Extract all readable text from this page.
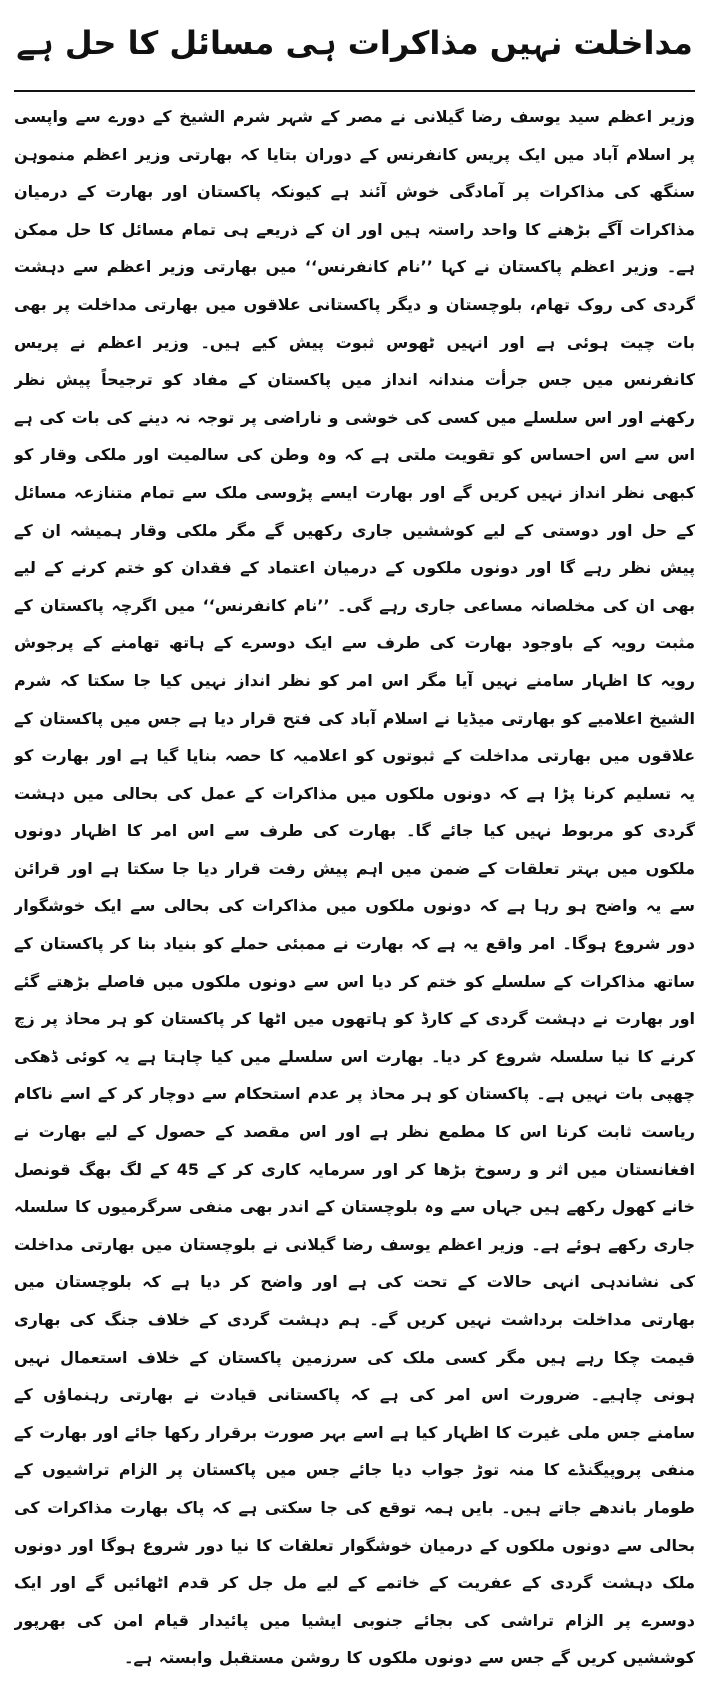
مداخلت نہیں مذاکرات ہی مسائل کا حل ہے

وزیر اعظم سید یوسف رضا گیلانی نے مصر کے شہر شرم الشیخ کے دورے سے واپسی پر اسلام آباد میں ایک پریس کانفرنس کے دوران بتایا کہ بھارتی وزیر اعظم منموہن سنگھ کی مذاکرات پر آمادگی خوش آئند ہے کیونکہ پاکستان اور بھارت کے درمیان مذاکرات آگے بڑھنے کا واحد راستہ ہیں اور ان کے ذریعے ہی تمام مسائل کا حل ممکن ہے۔ وزیر اعظم پاکستان نے کہا ’’نام کانفرنس‘‘ میں بھارتی وزیر اعظم سے دہشت گردی کی روک تھام، بلوچستان و دیگر پاکستانی علاقوں میں بھارتی مداخلت پر بھی بات چیت ہوئی ہے اور انہیں ٹھوس ثبوت پیش کیے ہیں۔ وزیر اعظم نے پریس کانفرنس میں جس جرأت مندانہ انداز میں پاکستان کے مفاد کو ترجیحاً پیش نظر رکھنے اور اس سلسلے میں کسی کی خوشی و ناراضی پر توجہ نہ دینے کی بات کی ہے اس سے اس احساس کو تقویت ملتی ہے کہ وہ وطن کی سالمیت اور ملکی وقار کو کبھی نظر انداز نہیں کریں گے اور بھارت ایسے پڑوسی ملک سے تمام متنازعہ مسائل کے حل اور دوستی کے لیے کوششیں جاری رکھیں گے مگر ملکی وقار ہمیشہ ان کے پیش نظر رہے گا اور دونوں ملکوں کے درمیان اعتماد کے فقدان کو ختم کرنے کے لیے بھی ان کی مخلصانہ مساعی جاری رہے گی۔ ’’نام کانفرنس‘‘ میں اگرچہ پاکستان کے مثبت رویہ کے باوجود بھارت کی طرف سے ایک دوسرے کے ہاتھ تھامنے کے پرجوش رویہ کا اظہار سامنے نہیں آیا مگر اس امر کو نظر انداز نہیں کیا جا سکتا کہ شرم الشیخ اعلامیے کو بھارتی میڈیا نے اسلام آباد کی فتح قرار دیا ہے جس میں پاکستان کے علاقوں میں بھارتی مداخلت کے ثبوتوں کو اعلامیہ کا حصہ بنایا گیا ہے اور بھارت کو یہ تسلیم کرنا پڑا ہے کہ دونوں ملکوں میں مذاکرات کے عمل کی بحالی میں دہشت گردی کو مربوط نہیں کیا جائے گا۔ بھارت کی طرف سے اس امر کا اظہار دونوں ملکوں میں بہتر تعلقات کے ضمن میں اہم پیش رفت قرار دیا جا سکتا ہے اور قرائن سے یہ واضح ہو رہا ہے کہ دونوں ملکوں میں مذاکرات کی بحالی سے ایک خوشگوار دور شروع ہوگا۔ امر واقع یہ ہے کہ بھارت نے ممبئی حملے کو بنیاد بنا کر پاکستان کے ساتھ مذاکرات کے سلسلے کو ختم کر دیا اس سے دونوں ملکوں میں فاصلے بڑھتے گئے اور بھارت نے دہشت گردی کے کارڈ کو ہاتھوں میں اٹھا کر پاکستان کو ہر محاذ پر زچ کرنے کا نیا سلسلہ شروع کر دیا۔ بھارت اس سلسلے میں کیا چاہتا ہے یہ کوئی ڈھکی چھپی بات نہیں ہے۔ پاکستان کو ہر محاذ پر عدم استحکام سے دوچار کر کے اسے ناکام ریاست ثابت کرنا اس کا مطمع نظر ہے اور اس مقصد کے حصول کے لیے بھارت نے افغانستان میں اثر و رسوخ بڑھا کر اور سرمایہ کاری کر کے 45 کے لگ بھگ قونصل خانے کھول رکھے ہیں جہاں سے وہ بلوچستان کے اندر بھی منفی سرگرمیوں کا سلسلہ جاری رکھے ہوئے ہے۔ وزیر اعظم یوسف رضا گیلانی نے بلوچستان میں بھارتی مداخلت کی نشاندہی انہی حالات کے تحت کی ہے اور واضح کر دیا ہے کہ بلوچستان میں بھارتی مداخلت برداشت نہیں کریں گے۔ ہم دہشت گردی کے خلاف جنگ کی بھاری قیمت چکا رہے ہیں مگر کسی ملک کی سرزمین پاکستان کے خلاف استعمال نہیں ہونی چاہیے۔ ضرورت اس امر کی ہے کہ پاکستانی قیادت نے بھارتی رہنماؤں کے سامنے جس ملی غیرت کا اظہار کیا ہے اسے بہر صورت برقرار رکھا جائے اور بھارت کے منفی پروپیگنڈے کا منہ توڑ جواب دیا جائے جس میں پاکستان پر الزام تراشیوں کے طومار باندھے جاتے ہیں۔ بایں ہمہ توقع کی جا سکتی ہے کہ پاک بھارت مذاکرات کی بحالی سے دونوں ملکوں کے درمیان خوشگوار تعلقات کا نیا دور شروع ہوگا اور دونوں ملک دہشت گردی کے عفریت کے خاتمے کے لیے مل جل کر قدم اٹھائیں گے اور ایک دوسرے پر الزام تراشی کی بجائے جنوبی ایشیا میں پائیدار قیام امن کی بھرپور کوششیں کریں گے جس سے دونوں ملکوں کا روشن مستقبل وابستہ ہے۔
